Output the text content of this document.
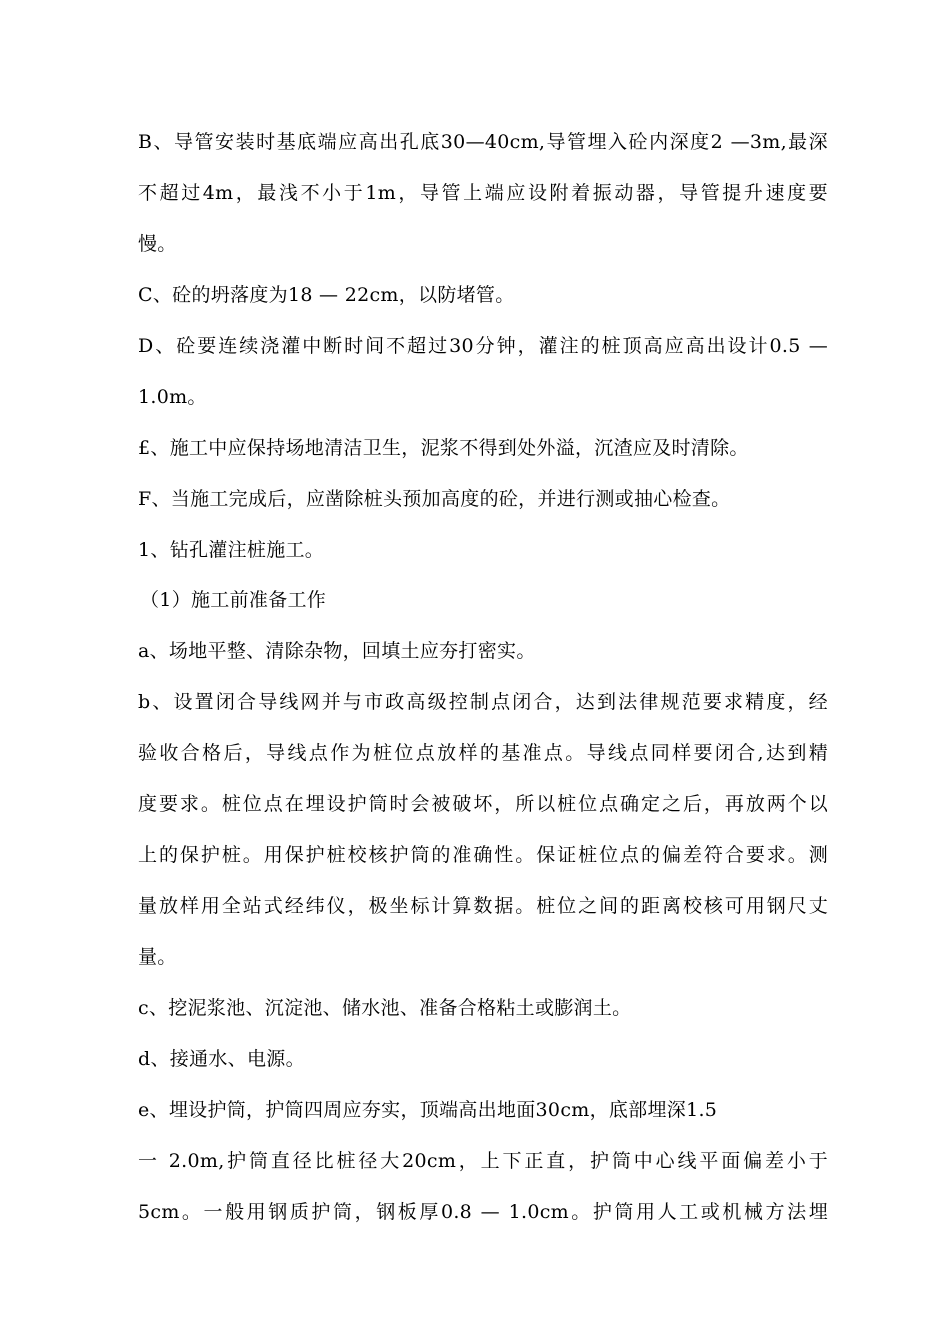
B、导管安装时基底端应高出孔底30—40cm,导管埋入砼内深度2 —3m,最深
不超过4m，最浅不小于1m，导管上端应设附着振动器，导管提升速度要
慢。
C、砼的坍落度为18 — 22cm，以防堵管。
D、砼要连续浇灌中断时间不超过30分钟，灌注的桩顶高应高出设计0.5 —
1.0m。
£、施工中应保持场地清洁卫生，泥浆不得到处外溢，沉渣应及时清除。
F、当施工完成后，应凿除桩头预加高度的砼，并进行测或抽心检查。
1、钻孔灌注桩施工。
（1）施工前准备工作
a、场地平整、清除杂物，回填土应夯打密实。
b、设置闭合导线网并与市政高级控制点闭合，达到法律规范要求精度，经
验收合格后，导线点作为桩位点放样的基准点。导线点同样要闭合,达到精
度要求。桩位点在埋设护筒时会被破坏，所以桩位点确定之后，再放两个以
上的保护桩。用保护桩校核护筒的准确性。保证桩位点的偏差符合要求。测
量放样用全站式经纬仪，极坐标计算数据。桩位之间的距离校核可用钢尺丈
量。
c、挖泥浆池、沉淀池、储水池、准备合格粘土或膨润土。
d、接通水、电源。
e、埋设护筒，护筒四周应夯实，顶端高出地面30cm，底部埋深1.5
一 2.0m,护筒直径比桩径大20cm，上下正直，护筒中心线平面偏差小于
5cm。一般用钢质护筒，钢板厚0.8 — 1.0cm。护筒用人工或机械方法埋
